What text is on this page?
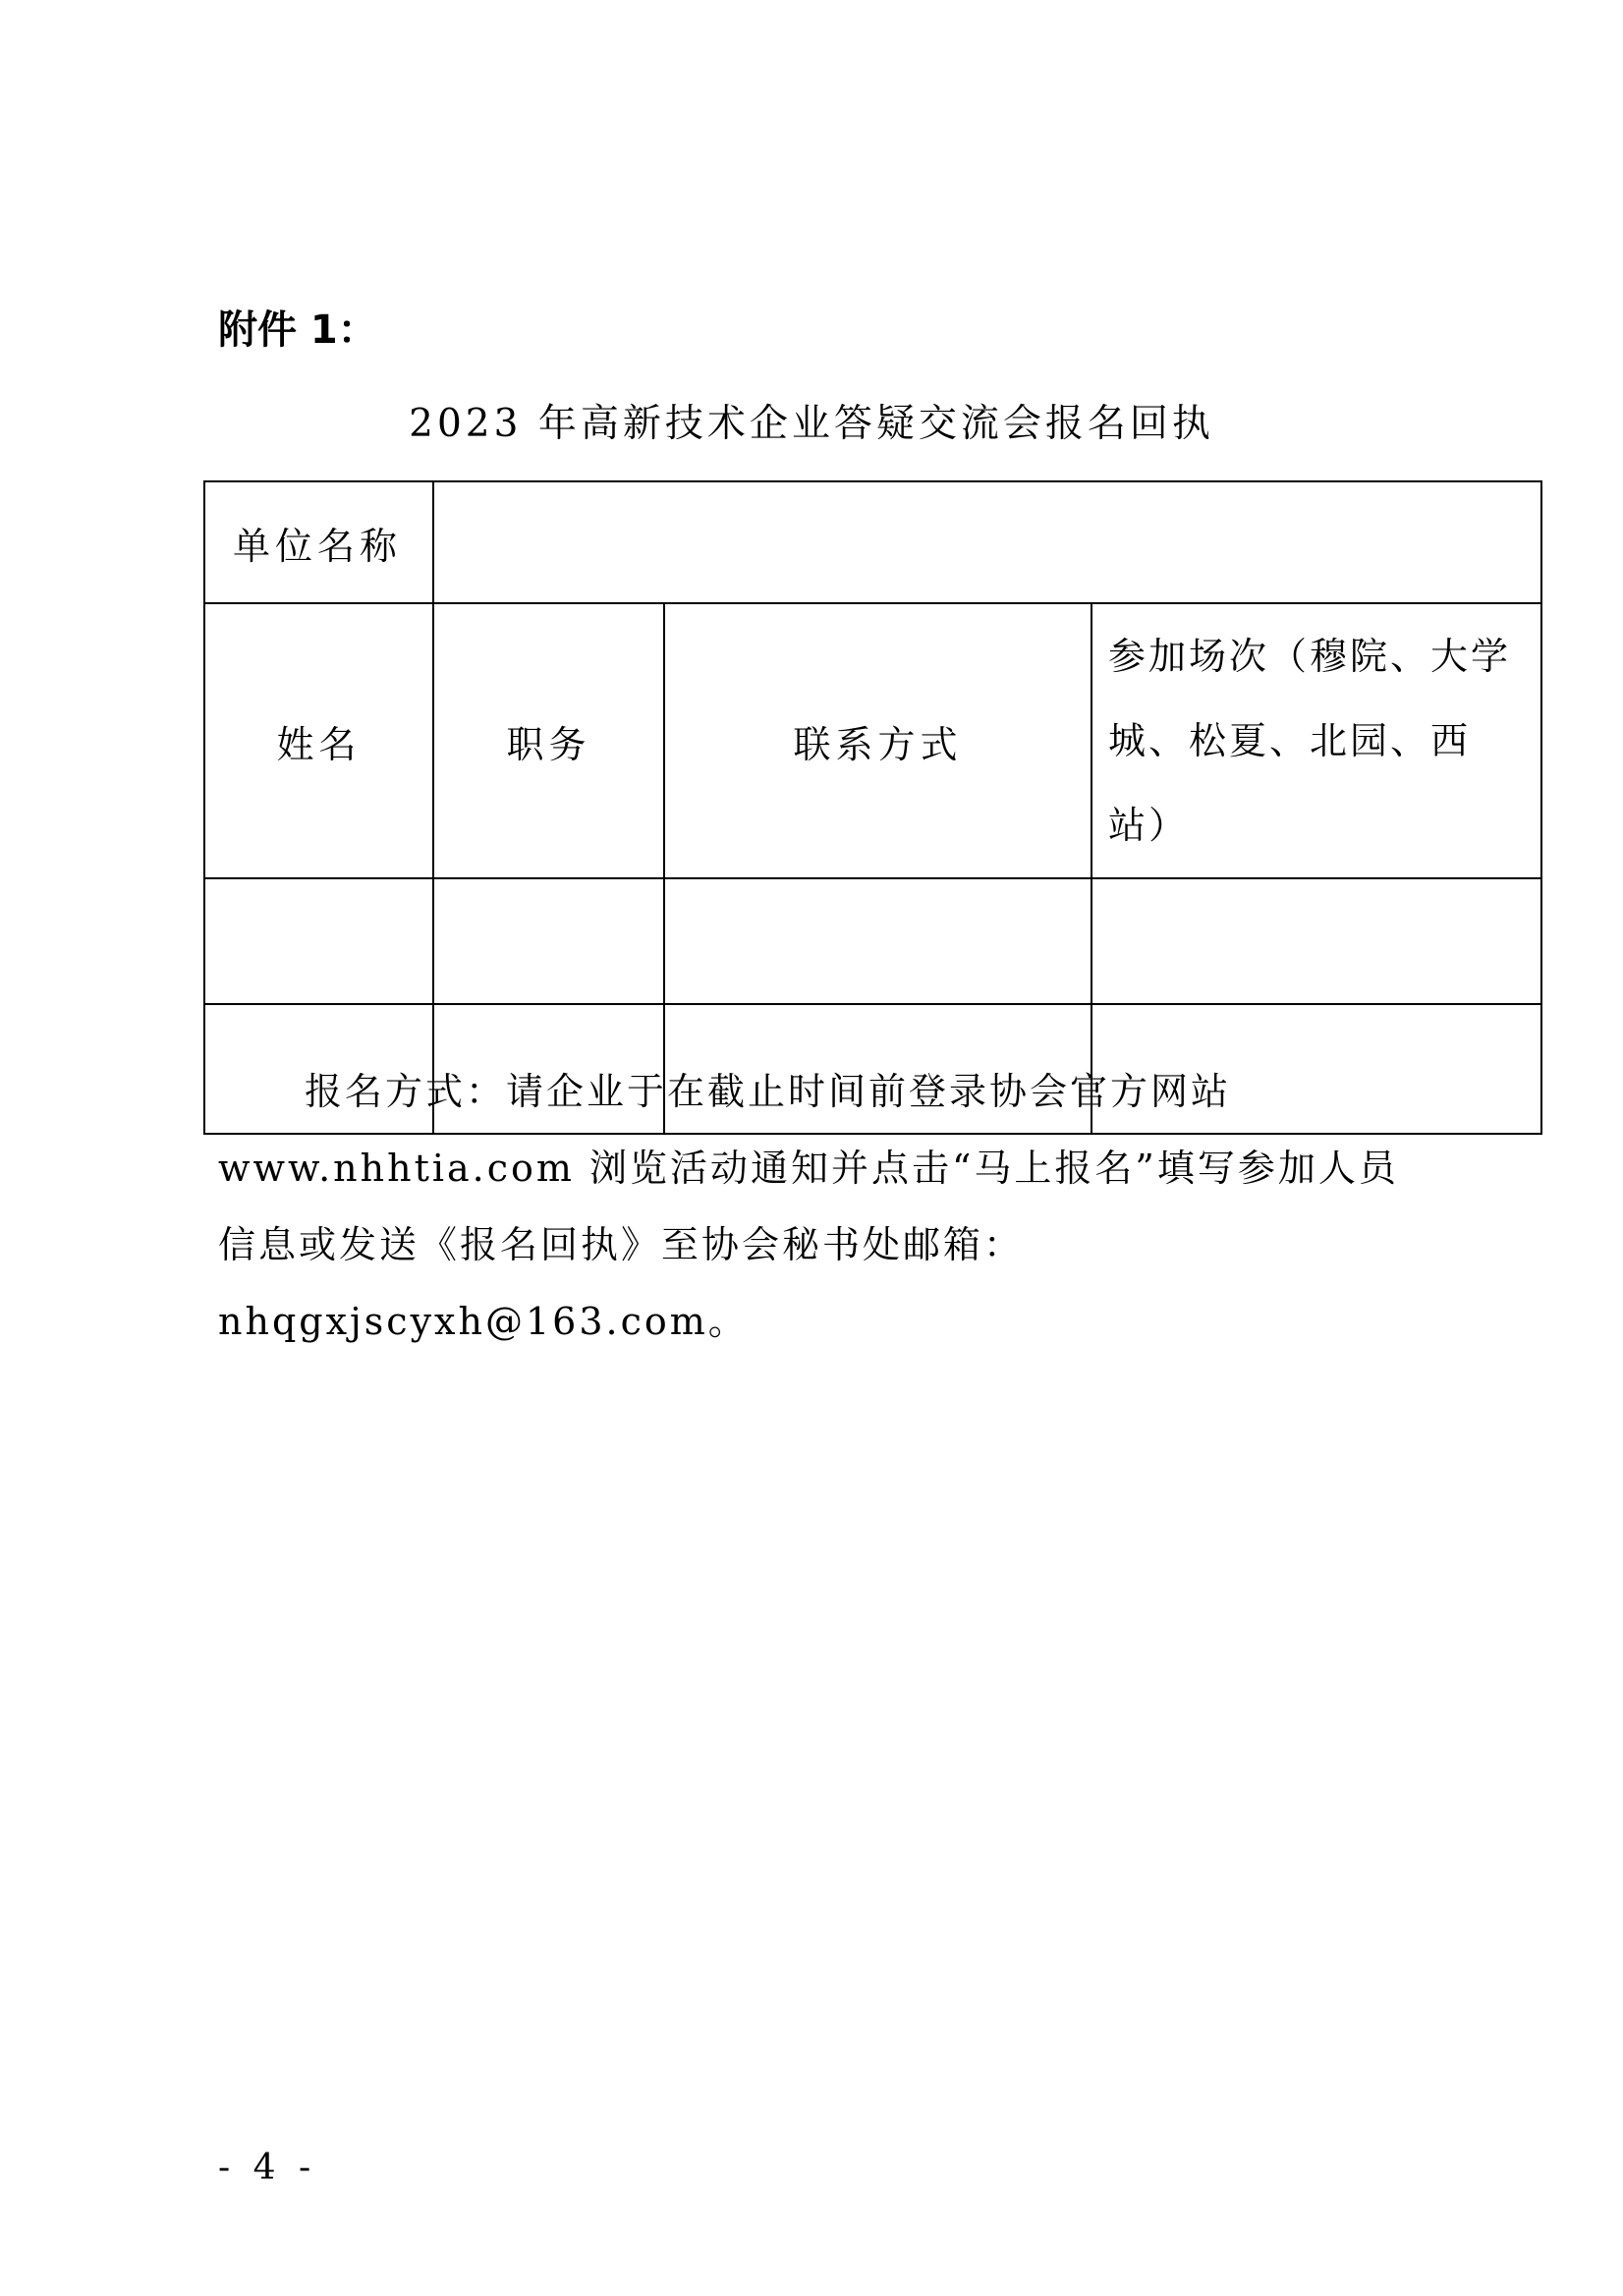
附件 1：
2023 年高新技术企业答疑交流会报名回执
单位名称			
姓名	职务	联系方式	参加场次（穆院、大学城、松夏、北园、西站）

报名方式：请企业于在截止时间前登录协会官方网站

www.nhhtia.com 浏览活动通知并点击“马上报名”填写参加人员

信息或发送《报名回执》至协会秘书处邮箱：

nhqgxjscyxh@163.com。

- 4 -
